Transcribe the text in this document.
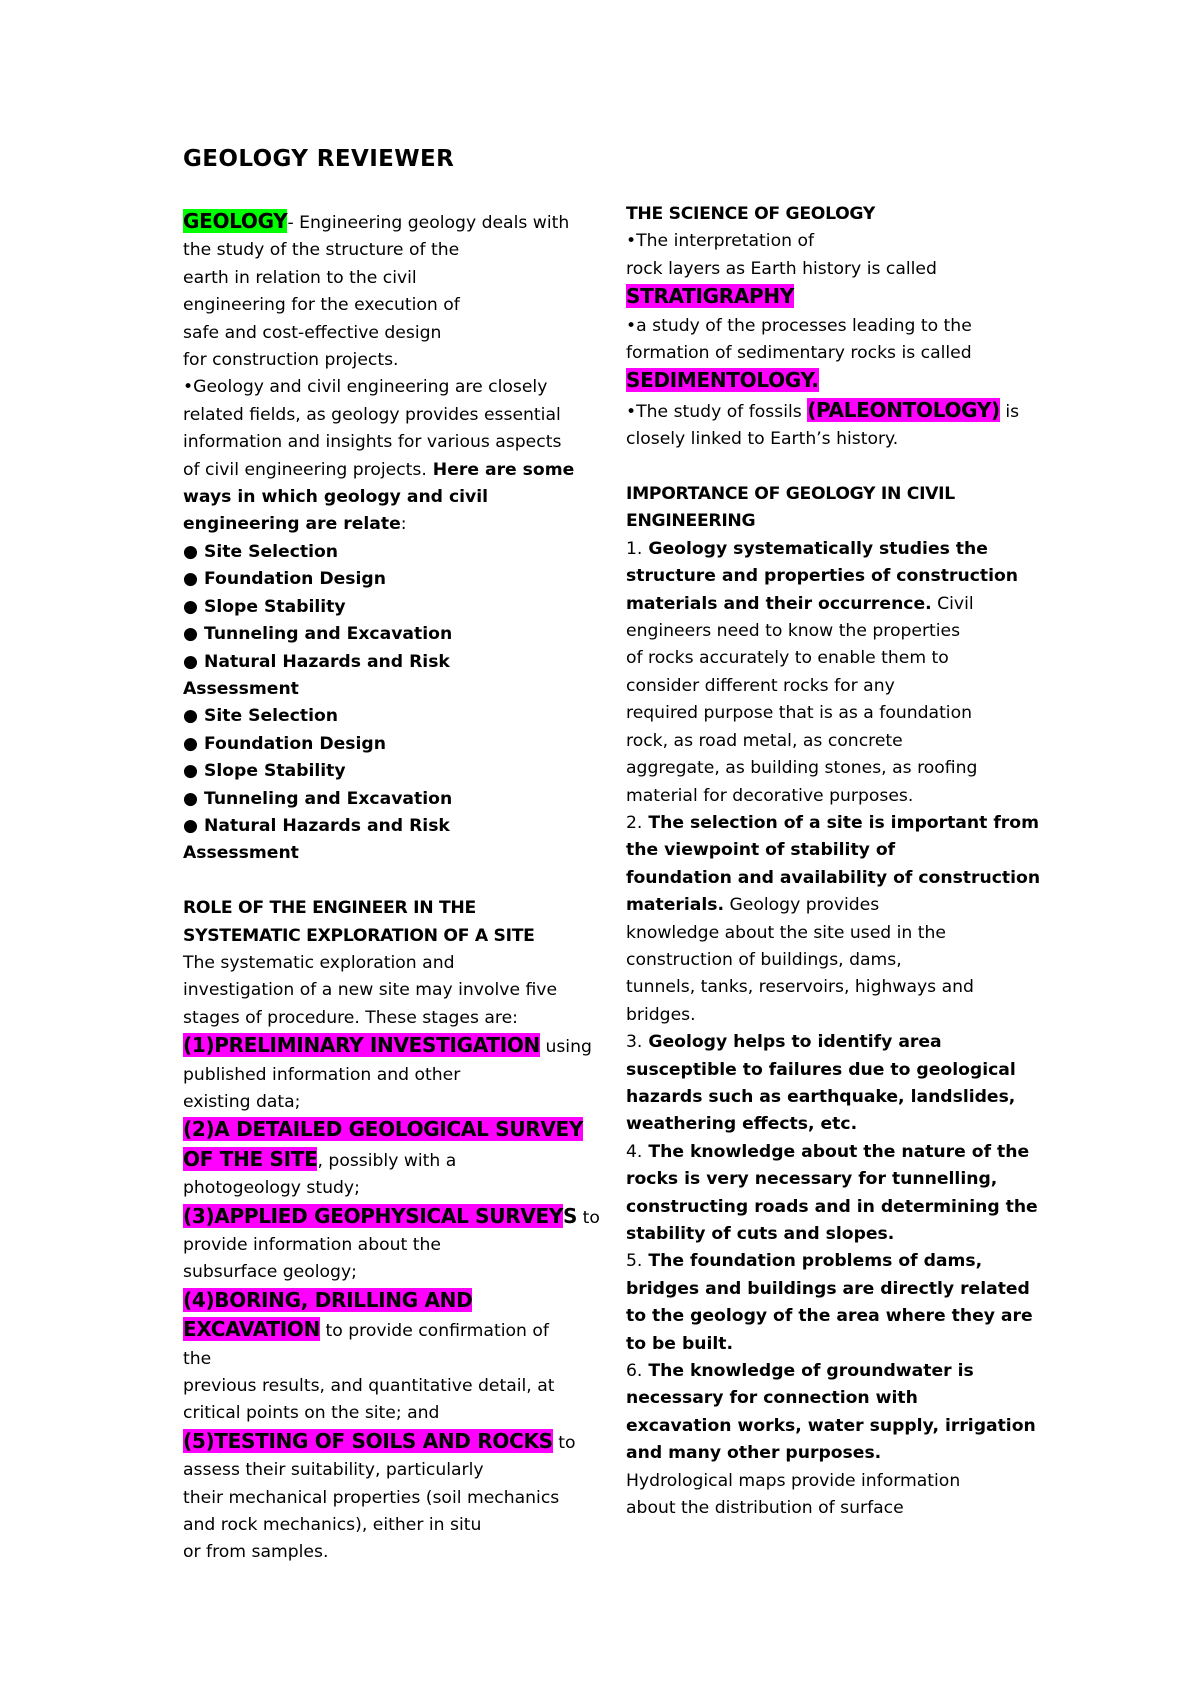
GEOLOGY REVIEWER

GEOLOGY- Engineering geology deals with

the study of the structure of the

earth in relation to the civil

engineering for the execution of

safe and cost-effective design

for construction projects.

•Geology and civil engineering are closely

related fields, as geology provides essential

information and insights for various aspects

of civil engineering projects. Here are some

ways in which geology and civil

engineering are relate:

● Site Selection

● Foundation Design

● Slope Stability

● Tunneling and Excavation

● Natural Hazards and Risk

Assessment

● Site Selection

● Foundation Design

● Slope Stability

● Tunneling and Excavation

● Natural Hazards and Risk

Assessment

ROLE OF THE ENGINEER IN THE

SYSTEMATIC EXPLORATION OF A SITE

The systematic exploration and

investigation of a new site may involve five

stages of procedure. These stages are:

(1)PRELIMINARY INVESTIGATION using

published information and other

existing data;

(2)A DETAILED GEOLOGICAL SURVEY

OF THE SITE, possibly with a

photogeology study;

(3)APPLIED GEOPHYSICAL SURVEYS to

provide information about the

subsurface geology;

(4)BORING, DRILLING AND

EXCAVATION to provide confirmation of

the

previous results, and quantitative detail, at

critical points on the site; and

(5)TESTING OF SOILS AND ROCKS to

assess their suitability, particularly

their mechanical properties (soil mechanics

and rock mechanics), either in situ

or from samples.

THE SCIENCE OF GEOLOGY

•The interpretation of

rock layers as Earth history is called

STRATIGRAPHY

•a study of the processes leading to the

formation of sedimentary rocks is called

SEDIMENTOLOGY.

•The study of fossils (PALEONTOLOGY) is

closely linked to Earth’s history.

IMPORTANCE OF GEOLOGY IN CIVIL

ENGINEERING

1. Geology systematically studies the

structure and properties of construction

materials and their occurrence. Civil

engineers need to know the properties

of rocks accurately to enable them to

consider different rocks for any

required purpose that is as a foundation

rock, as road metal, as concrete

aggregate, as building stones, as roofing

material for decorative purposes.

2. The selection of a site is important from

the viewpoint of stability of

foundation and availability of construction

materials. Geology provides

knowledge about the site used in the

construction of buildings, dams,

tunnels, tanks, reservoirs, highways and

bridges.

3. Geology helps to identify area

susceptible to failures due to geological

hazards such as earthquake, landslides,

weathering effects, etc.

4. The knowledge about the nature of the

rocks is very necessary for tunnelling,

constructing roads and in determining the

stability of cuts and slopes.

5. The foundation problems of dams,

bridges and buildings are directly related

to the geology of the area where they are

to be built.

6. The knowledge of groundwater is

necessary for connection with

excavation works, water supply, irrigation

and many other purposes.

Hydrological maps provide information

about the distribution of surface
